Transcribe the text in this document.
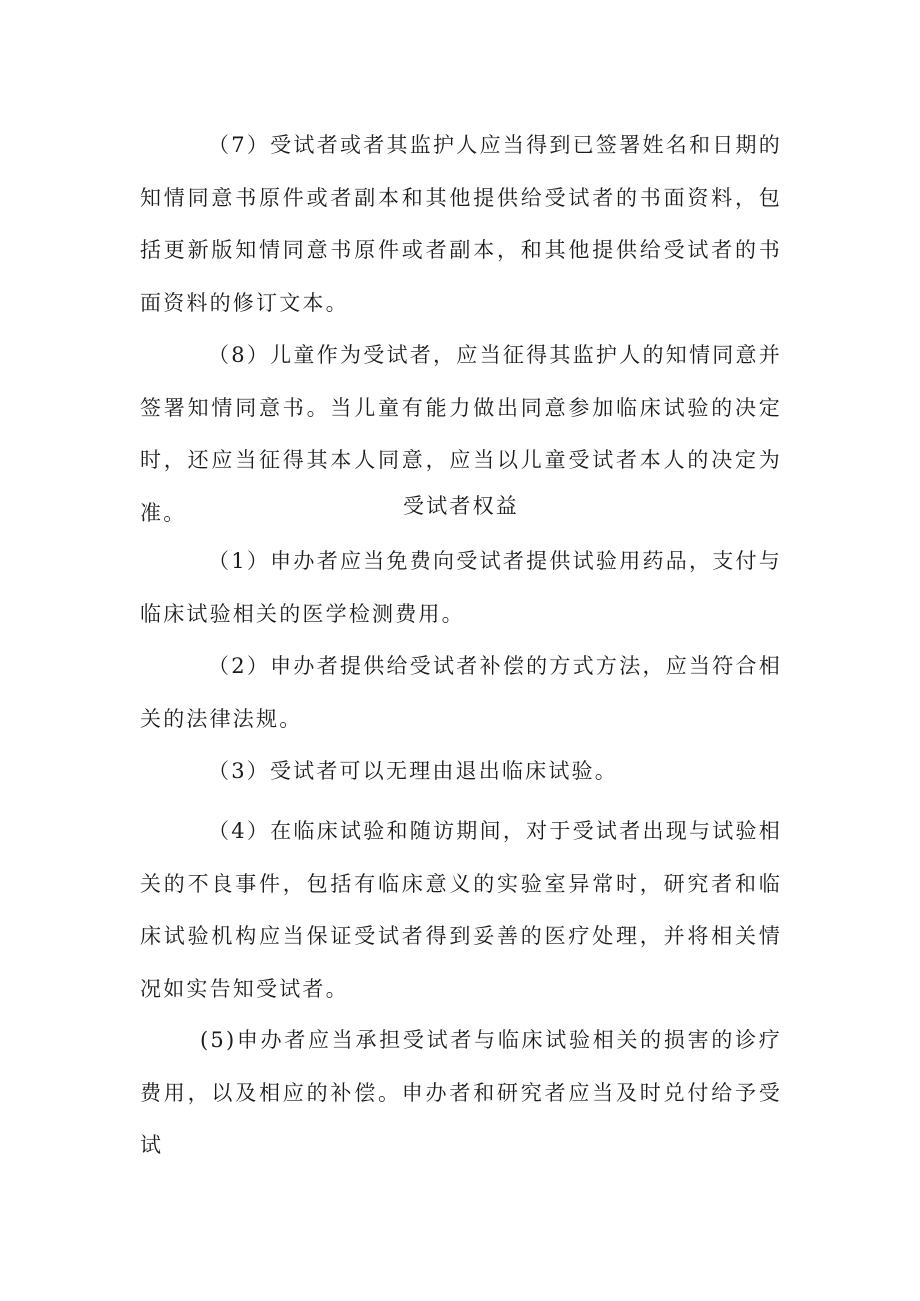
（7）受试者或者其监护人应当得到已签署姓名和日期的知情同意书原件或者副本和其他提供给受试者的书面资料，包括更新版知情同意书原件或者副本，和其他提供给受试者的书面资料的修订文本。

（8）儿童作为受试者，应当征得其监护人的知情同意并签署知情同意书。当儿童有能力做出同意参加临床试验的决定时，还应当征得其本人同意，应当以儿童受试者本人的决定为准。	受试者权益

（1）申办者应当免费向受试者提供试验用药品，支付与临床试验相关的医学检测费用。

（2）申办者提供给受试者补偿的方式方法，应当符合相关的法律法规。

（3）受试者可以无理由退出临床试验。

（4）在临床试验和随访期间，对于受试者出现与试验相关的不良事件，包括有临床意义的实验室异常时，研究者和临床试验机构应当保证受试者得到妥善的医疗处理，并将相关情况如实告知受试者。

(5)申办者应当承担受试者与临床试验相关的损害的诊疗费用，以及相应的补偿。申办者和研究者应当及时兑付给予受试
